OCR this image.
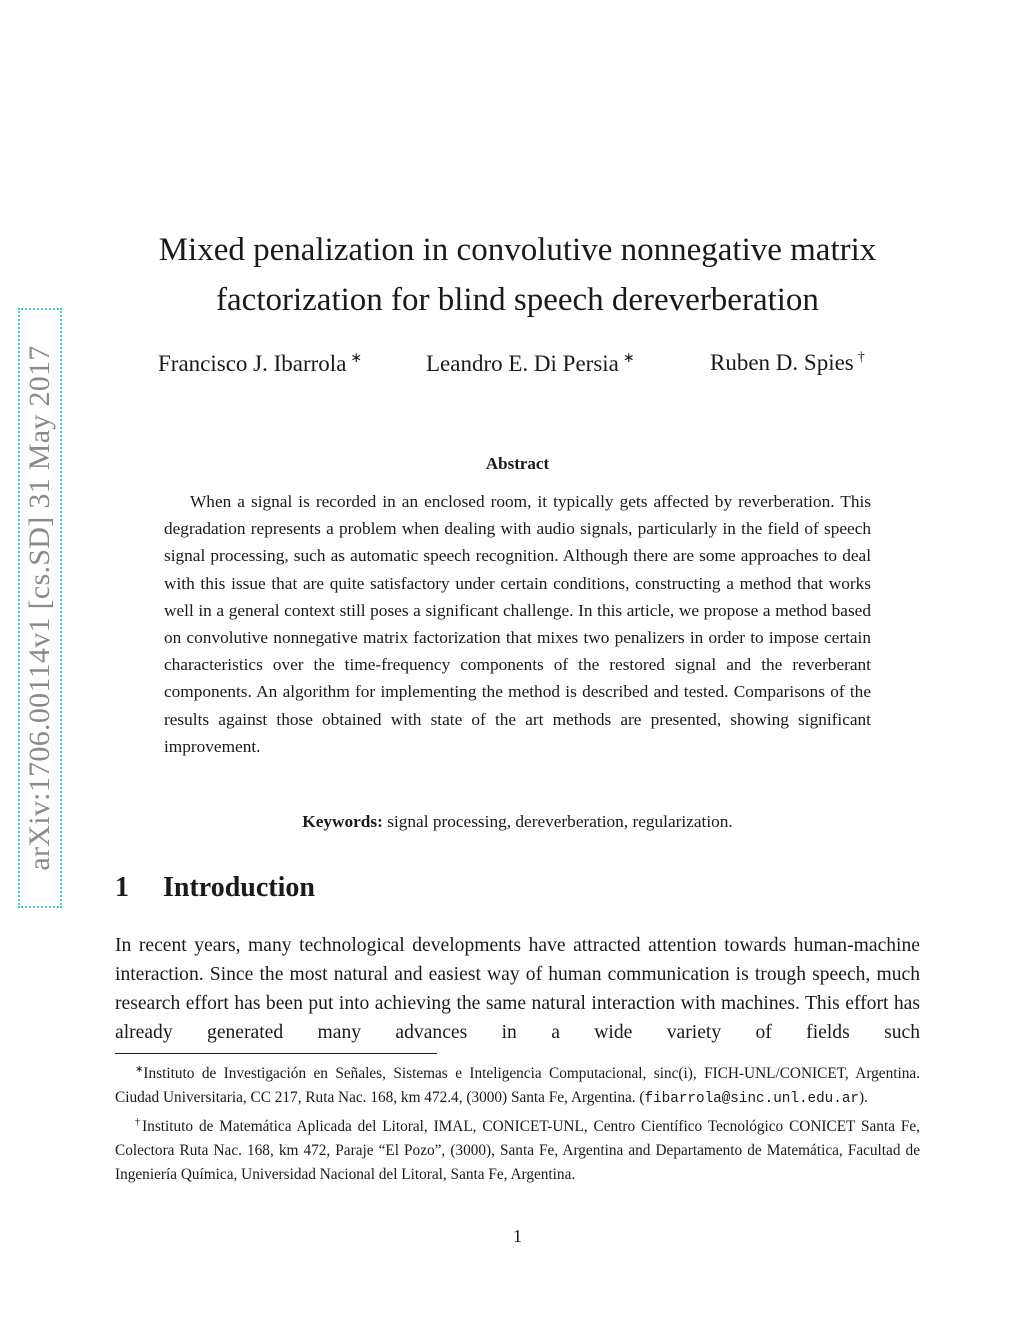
arXiv:1706.00114v1 [cs.SD] 31 May 2017
Mixed penalization in convolutive nonnegative matrix
factorization for blind speech dereverberation
Francisco J. Ibarrola ∗	Leandro E. Di Persia ∗	Ruben D. Spies †
Abstract

When a signal is recorded in an enclosed room, it typically gets affected by reverberation. This degradation represents a problem when dealing with audio signals, particularly in the field of speech signal processing, such as automatic speech recognition. Although there are some approaches to deal with this issue that are quite satisfactory under certain conditions, constructing a method that works well in a general context still poses a significant challenge. In this article, we propose a method based on convolutive nonnegative matrix factorization that mixes two penalizers in order to impose certain characteristics over the time-frequency components of the restored signal and the reverberant components. An algorithm for implementing the method is described and tested. Comparisons of the results against those obtained with state of the art methods are presented, showing significant improvement.

Keywords: signal processing, dereverberation, regularization.
1 Introduction

In recent years, many technological developments have attracted attention towards human-machine interaction. Since the most natural and easiest way of human communication is trough speech, much research effort has been put into achieving the same natural interaction with machines. This effort has already generated many advances in a wide variety of fields such

∗Instituto de Investigación en Señales, Sistemas e Inteligencia Computacional, sinc(i), FICH-UNL/CONICET, Argentina. Ciudad Universitaria, CC 217, Ruta Nac. 168, km 472.4, (3000) Santa Fe, Argentina. (fibarrola@sinc.unl.edu.ar).

†Instituto de Matemática Aplicada del Litoral, IMAL, CONICET-UNL, Centro Científico Tecnológico CONICET Santa Fe, Colectora Ruta Nac. 168, km 472, Paraje “El Pozo”, (3000), Santa Fe, Argentina and Departamento de Matemática, Facultad de Ingeniería Química, Universidad Nacional del Litoral, Santa Fe, Argentina.

1
